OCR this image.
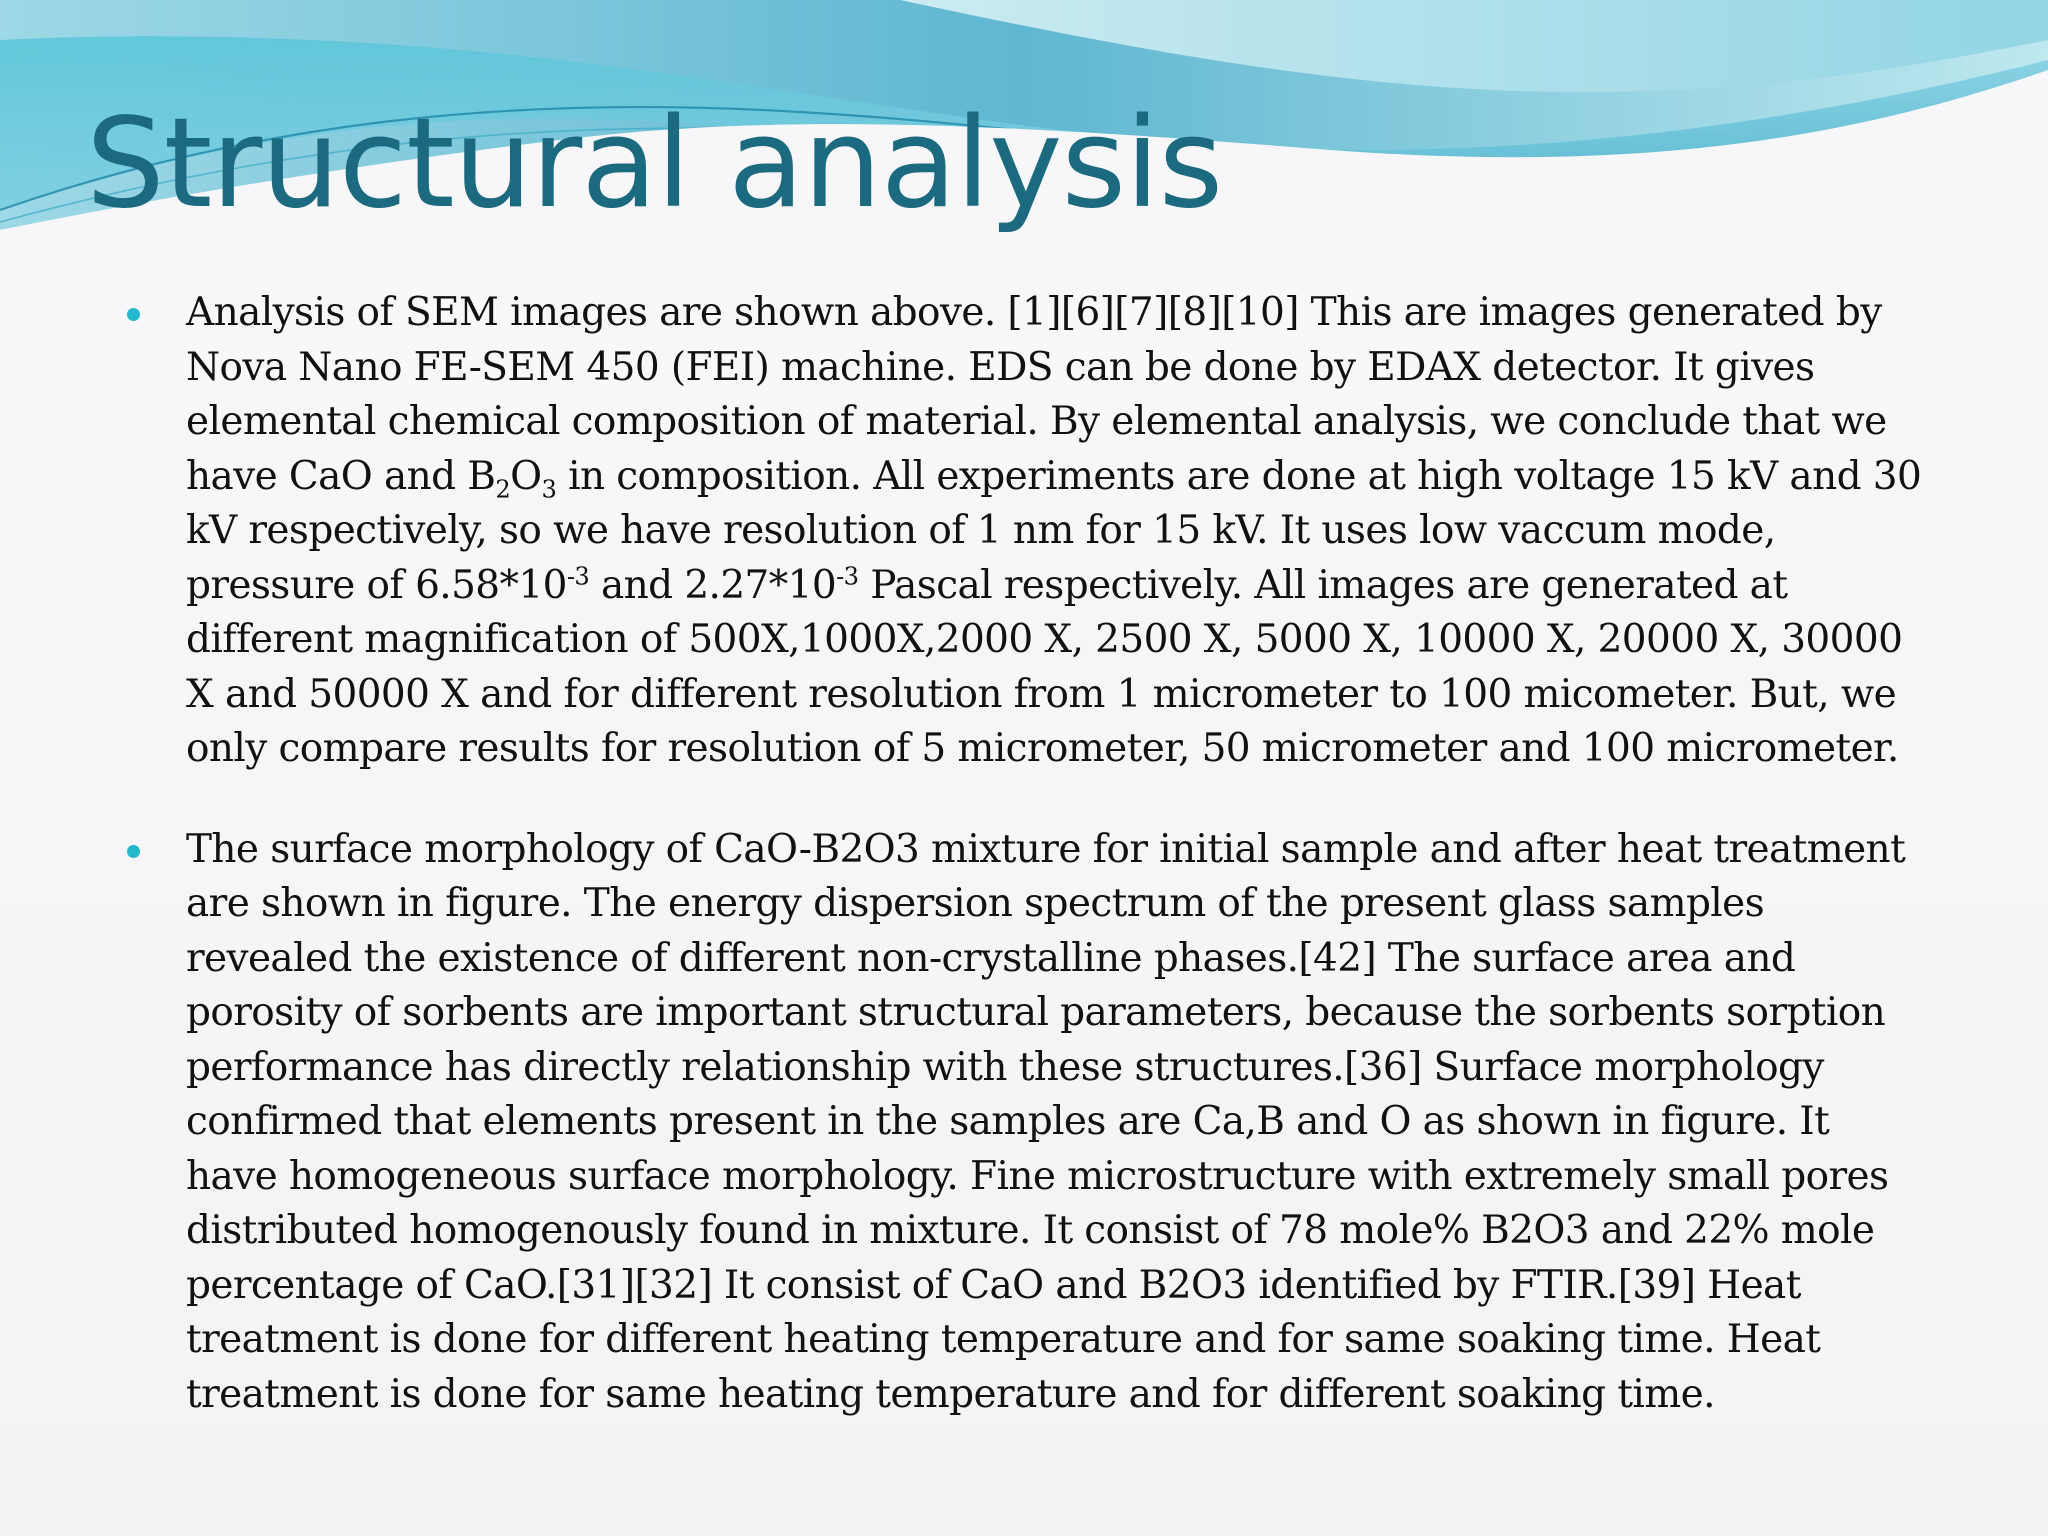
Structural analysis
Analysis of SEM images are shown above. [1][6][7][8][10] This are images generated by
Nova Nano FE-SEM 450 (FEI) machine. EDS can be done by EDAX detector. It gives
elemental chemical composition of material. By elemental analysis, we conclude that we
have CaO and $B_2O_3$ in composition. All experiments are done at high voltage 15 kV and 30
kV respectively, so we have resolution of 1 nm for 15 kV. It uses low vaccum mode,
pressure of $6.58*10^{-3}$ and $2.27*10^{-3}$ Pascal respectively. All images are generated at
different magnification of 500X,1000X,2000 X, 2500 X, 5000 X, 10000 X, 20000 X, 30000
X and 50000 X and for different resolution from 1 micrometer to 100 micometer. But, we
only compare results for resolution of 5 micrometer, 50 micrometer and 100 micrometer.
The surface morphology of CaO-B2O3 mixture for initial sample and after heat treatment
are shown in figure. The energy dispersion spectrum of the present glass samples
revealed the existence of different non-crystalline phases.[42] The surface area and
porosity of sorbents are important structural parameters, because the sorbents sorption
performance has directly relationship with these structures.[36] Surface morphology
confirmed that elements present in the samples are Ca,B and O as shown in figure. It
have homogeneous surface morphology. Fine microstructure with extremely small pores
distributed homogenously found in mixture. It consist of 78 mole% B2O3 and 22% mole
percentage of CaO.[31][32] It consist of CaO and B2O3 identified by FTIR.[39] Heat
treatment is done for different heating temperature and for same soaking time. Heat
treatment is done for same heating temperature and for different soaking time.
